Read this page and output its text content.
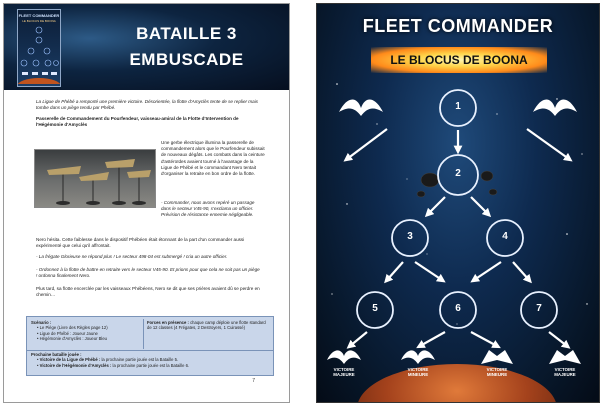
FLEET COMMANDER
LE BLOCUS DE BOONA
BATAILLE 3
EMBUSCADE

La Ligue de Phébé a remporté une première victoire. Désorientée, la flotte d'Amyclès tente de se replier mais tombe dans un piège tendu par Phébé.

Passerelle de Commandement du Pourfendeur, vaisseau-amiral de la Flotte d'Intervention de l'Hégémonie d'Amyclès

Une gerbe électrique illumina la passerelle de commandement alors que le Pourfendeur subissait de nouveaux dégâts. Les combats dans la ceinture d'astéroïdes avaient tourné à l'avantage de la Ligue de Phébé et le commandant Nero tentait d'organiser la retraite en bon ordre de la flotte.

- Commander, nous avons repéré un passage dans le secteur V45-90, s'exclama un officier. Prévision de résistance ennemie négligeable.

Nero hésita. Cette faiblesse dans le dispositif Phébéen était étonnant de la part d'un commander aussi expérimenté que celui qu'il affrontait.

- La frégate Glorieuse ne répond plus ! Le secteur 498-04 est submergé ! cria un autre officier.

- Ordonnez à la flotte de battre en retraite vers le secteur V45-90. Et prions pour que cela ne soit pas un piège ! ordonna finalement Nero.

Plus tard, sa flotte encerclée par les vaisseaux Phébéens, Nero se dit que ses prières avaient dû se perdre en chemin…

Scénario :
• Le Piège (Livre des Règles page 12)
• Ligue de Phébé : Joueur Jaune
• Hégémonie d'Amyclès : Joueur Bleu
Forces en présence : chaque camp déploie une flotte standard de 12 classes (4 Frégates, 2 Destroyers, 1 Cuirassé)
Prochaine bataille jouée :
• Victoire de la Ligue de Phébé : la prochaine partie jouée est la Bataille 5.
• Victoire de l'Hégémonie d'Amyclès : la prochaine partie jouée est la Bataille 6.
7
FLEET COMMANDER
LE BLOCUS DE BOONA
1
2
3	4
5	6	7
VICTOIRE MAJEURE
VICTOIRE MINEURE
VICTOIRE MINEURE
VICTOIRE MAJEURE
